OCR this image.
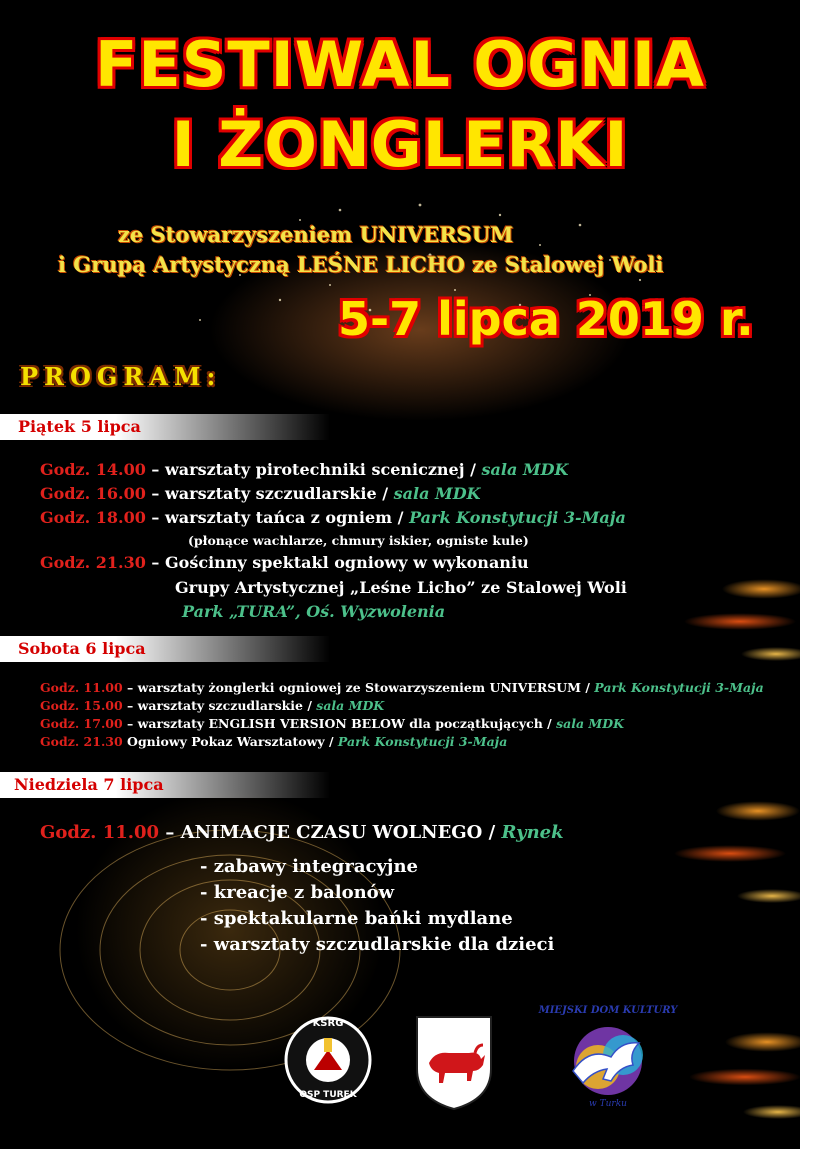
FESTIWAL OGNIA
I ŻONGLERKI
ze Stowarzyszeniem UNIVERSUM
i Grupą Artystyczną LEŚNE LICHO ze Stalowej Woli
5-7 lipca 2019 r.
PROGRAM:
Piątek 5 lipca
Godz. 14.00 – warsztaty pirotechniki scenicznej / sala MDK
Godz. 16.00 – warsztaty szczudlarskie / sala MDK
Godz. 18.00 – warsztaty tańca z ogniem / Park Konstytucji 3-Maja
(płonące wachlarze, chmury iskier, ogniste kule)
Godz. 21.30 – Gościnny spektakl ogniowy w wykonaniu
Grupy Artystycznej „Leśne Licho” ze Stalowej Woli
Park „TURA”, Oś. Wyzwolenia
Sobota 6 lipca
Godz. 11.00 – warsztaty żonglerki ogniowej ze Stowarzyszeniem UNIVERSUM / Park Konstytucji 3-Maja
Godz. 15.00 – warsztaty szczudlarskie / sala MDK
Godz. 17.00 – warsztaty ENGLISH VERSION BELOW dla początkujących / sala MDK
Godz. 21.30 Ogniowy Pokaz Warsztatowy / Park Konstytucji 3-Maja
Niedziela 7 lipca
Godz. 11.00 – ANIMACJE CZASU WOLNEGO / Rynek
- zabawy integracyjne
- kreacje z balonów
- spektakularne bańki mydlane
- warsztaty szczudlarskie dla dzieci
KSRG
OSP TUREK
MIEJSKI DOM KULTURY
w Turku
